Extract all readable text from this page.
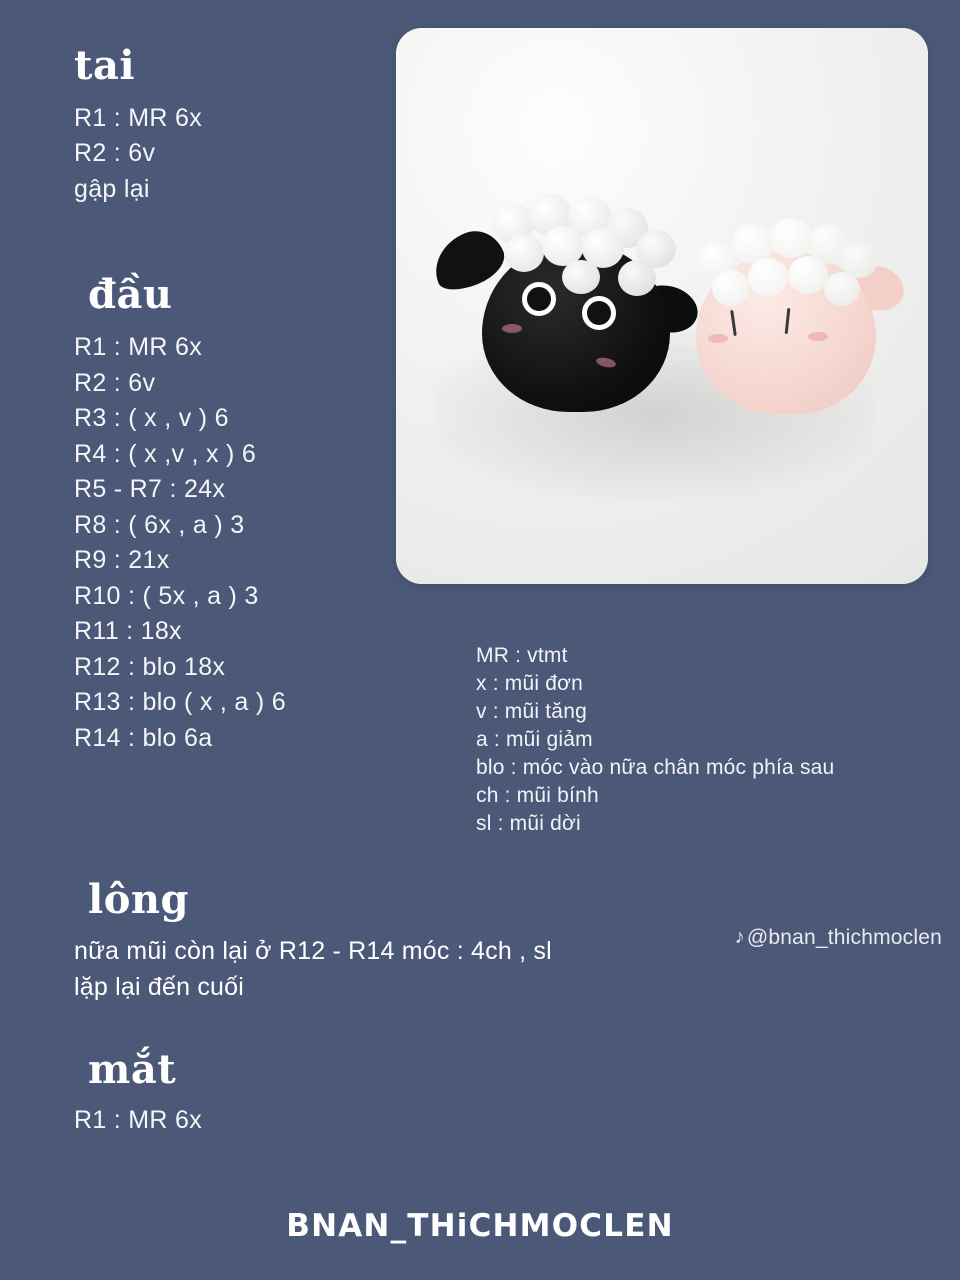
tai
R1 : MR 6x
R2 : 6v
gập lại
đầu
R1 : MR 6x
R2 : 6v
R3 : ( x , v ) 6
R4 : ( x ,v , x ) 6
R5 - R7 : 24x
R8 : ( 6x , a ) 3
R9 : 21x
R10 : ( 5x , a ) 3
R11 : 18x
R12 : blo 18x
R13 : blo ( x , a ) 6
R14 : blo 6a
MR : vtmt
x : mũi đơn
v : mũi tăng
a : mũi giảm
blo : móc vào nữa chân móc phía sau
ch : mũi bính
sl : mũi dời
♪ @bnan_thichmoclen
lông
nữa mũi còn lại ở R12 - R14 móc : 4ch , sl
lặp lại đến cuối
mắt
R1 : MR 6x
BNAN_THiCHMOCLEN
